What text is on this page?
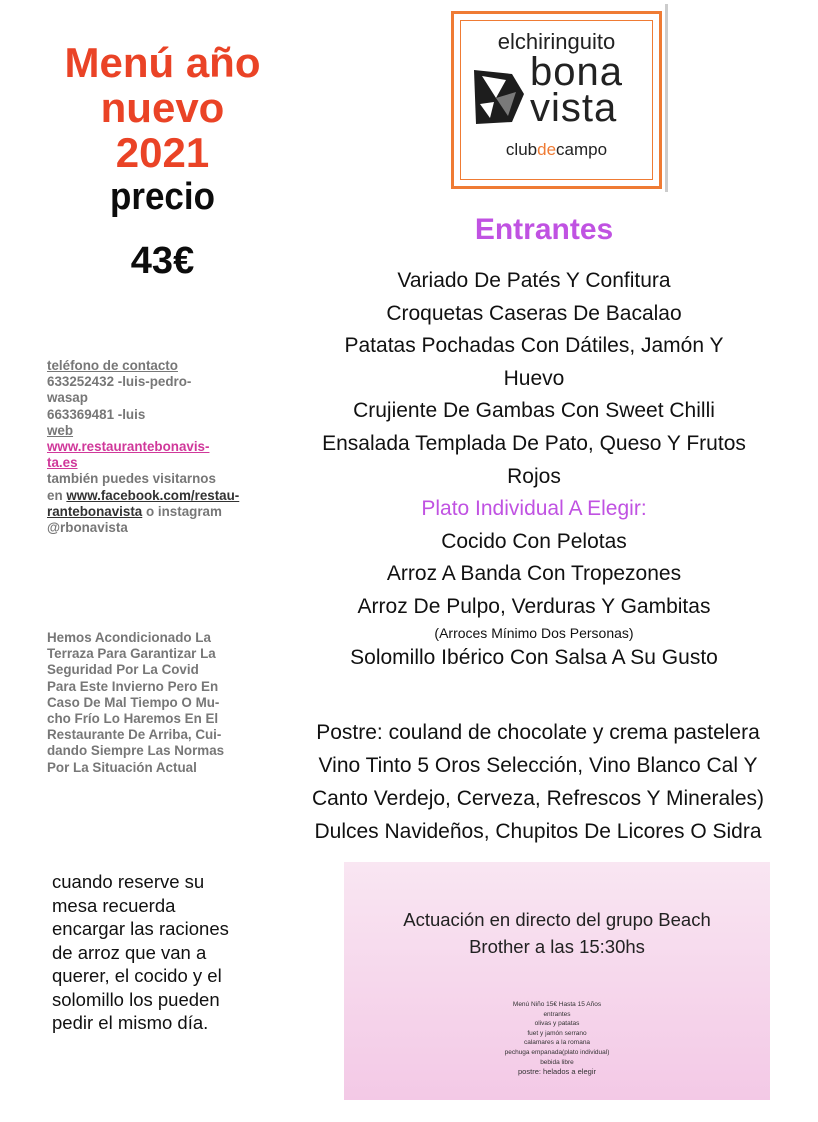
Menú año
nuevo
2021
precio
43€
elchiringuito
bona
vista
clubdecampo
teléfono de contacto
633252432 -luis-pedro-
wasap
663369481 -luis
web
www.restaurantebonavis-
ta.es
también puedes visitarnos
en www.facebook.com/restau-
rantebonavista o instagram
@rbonavista
Hemos Acondicionado La
Terraza Para Garantizar La
Seguridad Por La Covid
Para Este Invierno Pero En
Caso De Mal Tiempo O Mu-
cho Frío Lo Haremos En El
Restaurante De Arriba, Cui-
dando Siempre Las Normas
Por La Situación Actual
cuando reserve su
mesa recuerda
encargar las raciones
de arroz que van a
querer, el cocido y el
solomillo los pueden
pedir el mismo día.
Entrantes
Variado De Patés Y Confitura
Croquetas Caseras De Bacalao
Patatas Pochadas Con Dátiles, Jamón Y
Huevo
Crujiente De Gambas Con Sweet Chilli
Ensalada Templada De Pato, Queso Y Frutos
Rojos
Plato Individual A Elegir:
Cocido Con Pelotas
Arroz A Banda Con Tropezones
Arroz De Pulpo, Verduras Y Gambitas
(Arroces Mínimo Dos Personas)
Solomillo Ibérico Con Salsa A Su Gusto
Postre: couland de chocolate y crema pastelera
Vino Tinto 5 Oros Selección, Vino Blanco Cal Y
Canto Verdejo, Cerveza, Refrescos Y Minerales)
Dulces Navideños, Chupitos De Licores O Sidra
Actuación en directo del grupo Beach
Brother a las 15:30hs
Menú Niño 15€ Hasta 15 Años
entrantes
olivas y patatas
fuet y jamón serrano
calamares a la romana
pechuga empanada(plato individual)
bebida libre
postre: helados a elegir
